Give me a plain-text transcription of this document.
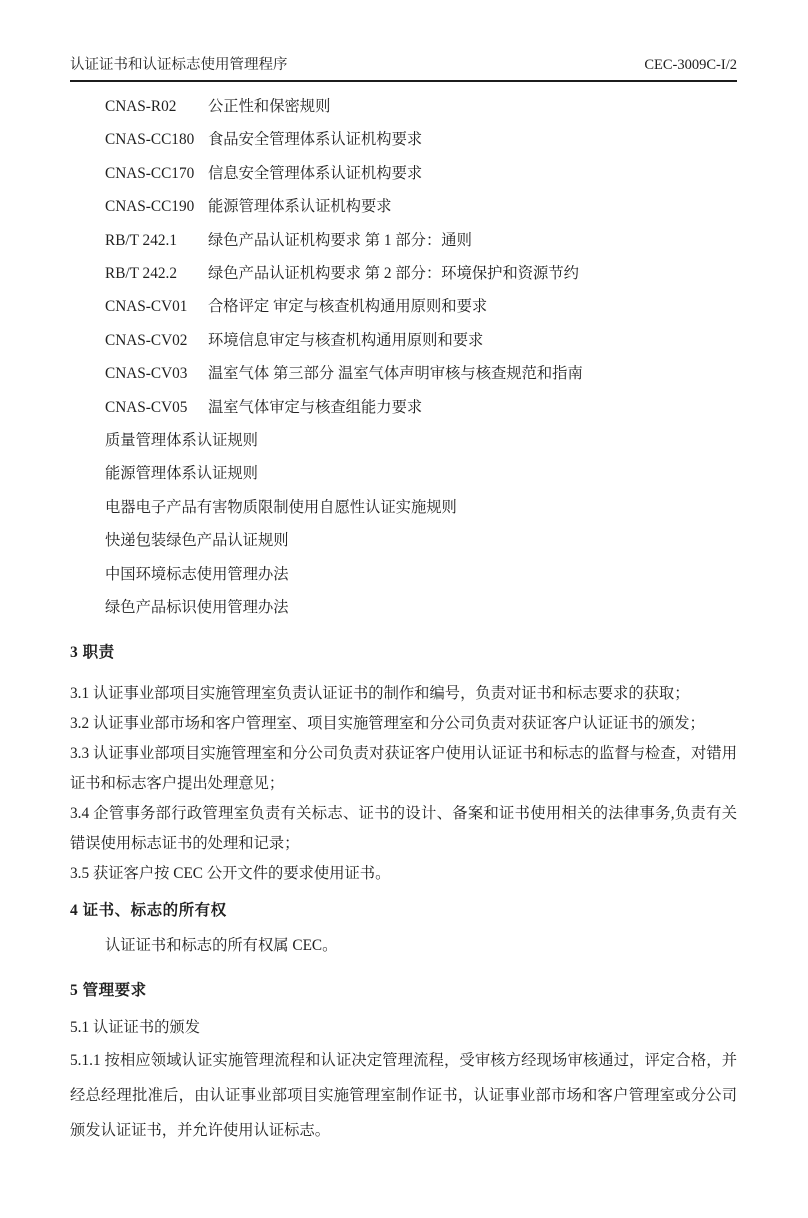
认证证书和认证标志使用管理程序	CEC-3009C-I/2
CNAS-R02	公正性和保密规则
CNAS-CC180 食品安全管理体系认证机构要求
CNAS-CC170 信息安全管理体系认证机构要求
CNAS-CC190 能源管理体系认证机构要求
RB/T 242.1	绿色产品认证机构要求 第 1 部分：通则
RB/T 242.2	绿色产品认证机构要求 第 2 部分：环境保护和资源节约
CNAS-CV01	合格评定 审定与核查机构通用原则和要求
CNAS-CV02	环境信息审定与核查机构通用原则和要求
CNAS-CV03	温室气体 第三部分 温室气体声明审核与核查规范和指南
CNAS-CV05	温室气体审定与核查组能力要求
质量管理体系认证规则
能源管理体系认证规则
电器电子产品有害物质限制使用自愿性认证实施规则
快递包装绿色产品认证规则
中国环境标志使用管理办法
绿色产品标识使用管理办法
3 职责
3.1 认证事业部项目实施管理室负责认证证书的制作和编号，负责对证书和标志要求的获取；
3.2 认证事业部市场和客户管理室、项目实施管理室和分公司负责对获证客户认证证书的颁发；
3.3 认证事业部项目实施管理室和分公司负责对获证客户使用认证证书和标志的监督与检查，对错用证书和标志客户提出处理意见；
3.4 企管事务部行政管理室负责有关标志、证书的设计、备案和证书使用相关的法律事务,负责有关错误使用标志证书的处理和记录；
3.5 获证客户按 CEC 公开文件的要求使用证书。
4 证书、标志的所有权
认证证书和标志的所有权属 CEC。
5 管理要求
5.1 认证证书的颁发
5.1.1 按相应领域认证实施管理流程和认证决定管理流程，受审核方经现场审核通过，评定合格，并经总经理批准后，由认证事业部项目实施管理室制作证书，认证事业部市场和客户管理室或分公司颁发认证证书，并允许使用认证标志。
